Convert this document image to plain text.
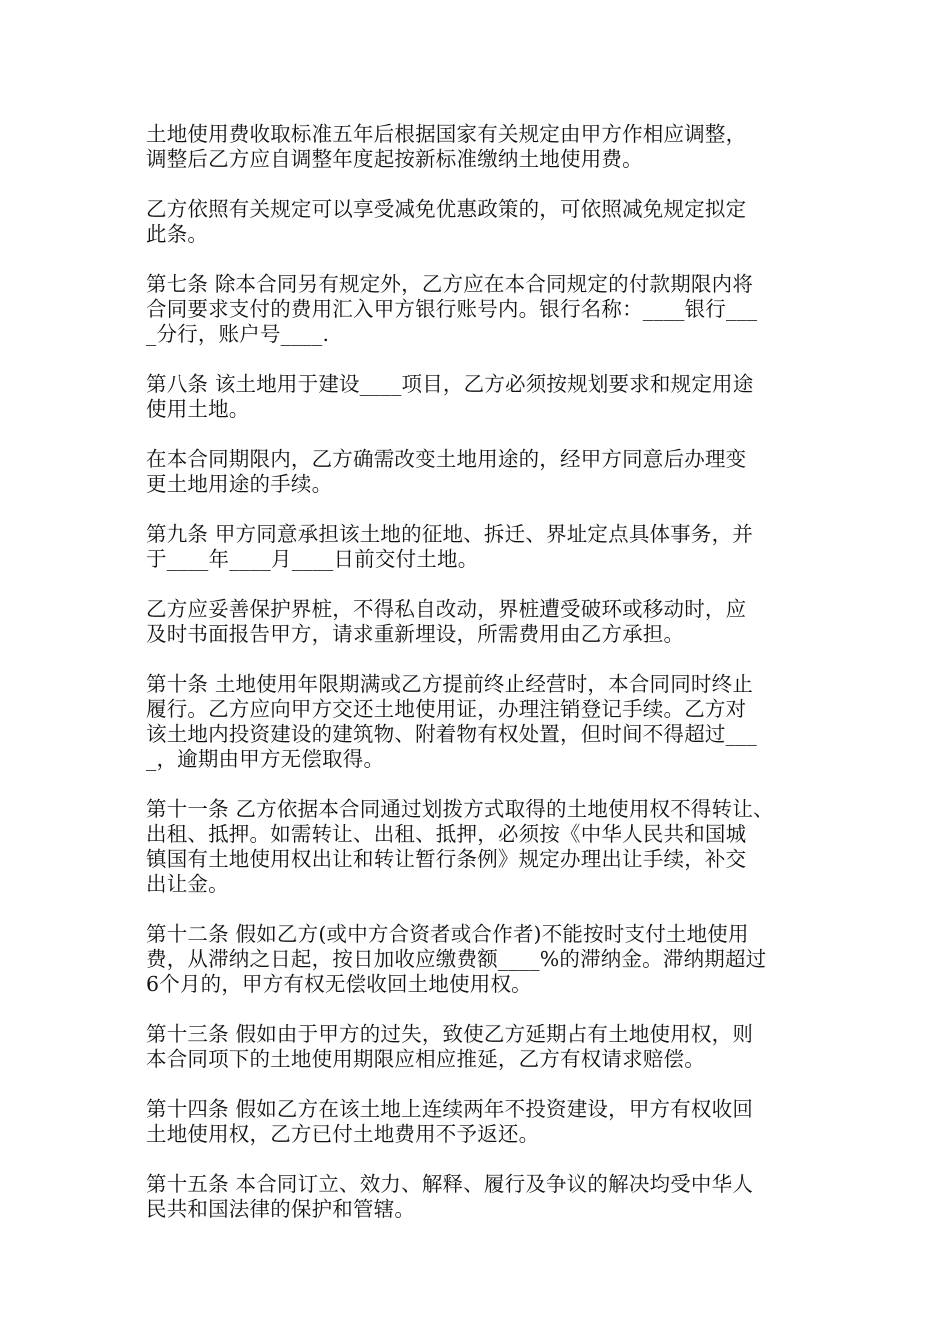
土地使用费收取标准五年后根据国家有关规定由甲方作相应调整，
调整后乙方应自调整年度起按新标准缴纳土地使用费。
乙方依照有关规定可以享受减免优惠政策的，可依照减免规定拟定
此条。
第七条 除本合同另有规定外，乙方应在本合同规定的付款期限内将
合同要求支付的费用汇入甲方银行账号内。银行名称：____银行___
_分行，账户号____.
第八条 该土地用于建设____项目，乙方必须按规划要求和规定用途
使用土地。
在本合同期限内，乙方确需改变土地用途的，经甲方同意后办理变
更土地用途的手续。
第九条 甲方同意承担该土地的征地、拆迁、界址定点具体事务，并
于____年____月____日前交付土地。
乙方应妥善保护界桩，不得私自改动，界桩遭受破环或移动时，应
及时书面报告甲方，请求重新埋设，所需费用由乙方承担。
第十条 土地使用年限期满或乙方提前终止经营时，本合同同时终止
履行。乙方应向甲方交还土地使用证，办理注销登记手续。乙方对
该土地内投资建设的建筑物、附着物有权处置，但时间不得超过___
_，逾期由甲方无偿取得。
第十一条 乙方依据本合同通过划拨方式取得的土地使用权不得转让、
出租、抵押。如需转让、出租、抵押，必须按《中华人民共和国城
镇国有土地使用权出让和转让暂行条例》规定办理出让手续，补交
出让金。
第十二条 假如乙方(或中方合资者或合作者)不能按时支付土地使用
费，从滞纳之日起，按日加收应缴费额____%的滞纳金。滞纳期超过
6个月的，甲方有权无偿收回土地使用权。
第十三条 假如由于甲方的过失，致使乙方延期占有土地使用权，则
本合同项下的土地使用期限应相应推延，乙方有权请求赔偿。
第十四条 假如乙方在该土地上连续两年不投资建设，甲方有权收回
土地使用权，乙方已付土地费用不予返还。
第十五条 本合同订立、效力、解释、履行及争议的解决均受中华人
民共和国法律的保护和管辖。
